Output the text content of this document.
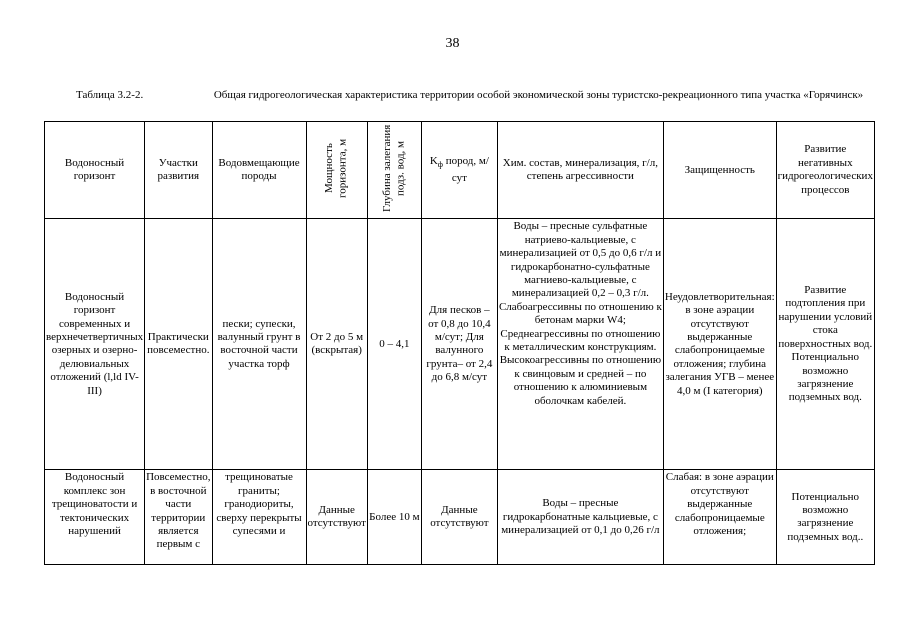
38
Таблица 3.2-2.	Общая гидрогеологическая характеристика территории особой экономической зоны туристско-рекреационного типа участка «Горячинск»
Водоносный горизонт	Участки развития	Водовмещающие породы	Мощность горизонта, м	Глубина залегания подз. вод, м	$K_ф$ пород, м/сут	Хим. состав, минерализация, г/л, степень агрессивности	Защищенность	Развитие негативных гидрогеологических процессов
Водоносный горизонт современных и верхнечетвертичных озерных и озерно-делювиальных отложений (l,ld IV-III)	Практически повсеместно.	пески; супески, валунный грунт в восточной части участка торф	От 2 до 5 м (вскрытая)	0 – 4,1	Для песков – от 0,8 до 10,4 м/сут; Для валунного грунта– от 2,4 до 6,8 м/сут	Воды – пресные сульфатные натриево-кальциевые, с минерализацией от 0,5 до 0,6 г/л и гидрокарбонатно-сульфатные магниево-кальциевые, с минерализацией 0,2 – 0,3 г/л. Слабоагрессивны по отношению к бетонам марки W4; Среднеагрессивны по отношению к металлическим конструкциям. Высокоагрессивны по отношению к свинцовым и средней – по отношению к алюминиевым оболочкам кабелей.	Неудовлетворительная: в зоне аэрации отсутствуют выдержанные слабопроницаемые отложения; глубина залегания УГВ – менее 4,0 м (I категория)	Развитие подтопления при нарушении условий стока поверхностных вод. Потенциально возможно загрязнение подземных вод.
Водоносный комплекс зон трещиноватости и тектонических нарушений	Повсеместно, в восточной части территории является первым с	трещиноватые граниты; гранодиориты, сверху перекрыты супесями и	Данные отсутствуют	Более 10 м	Данные отсутствуют	Воды – пресные гидрокарбонатные кальциевые, с минерализацией от 0,1 до 0,26 г/л	Слабая: в зоне аэрации отсутствуют выдержанные слабопроницаемые отложения;	Потенциально возможно загрязнение подземных вод..
